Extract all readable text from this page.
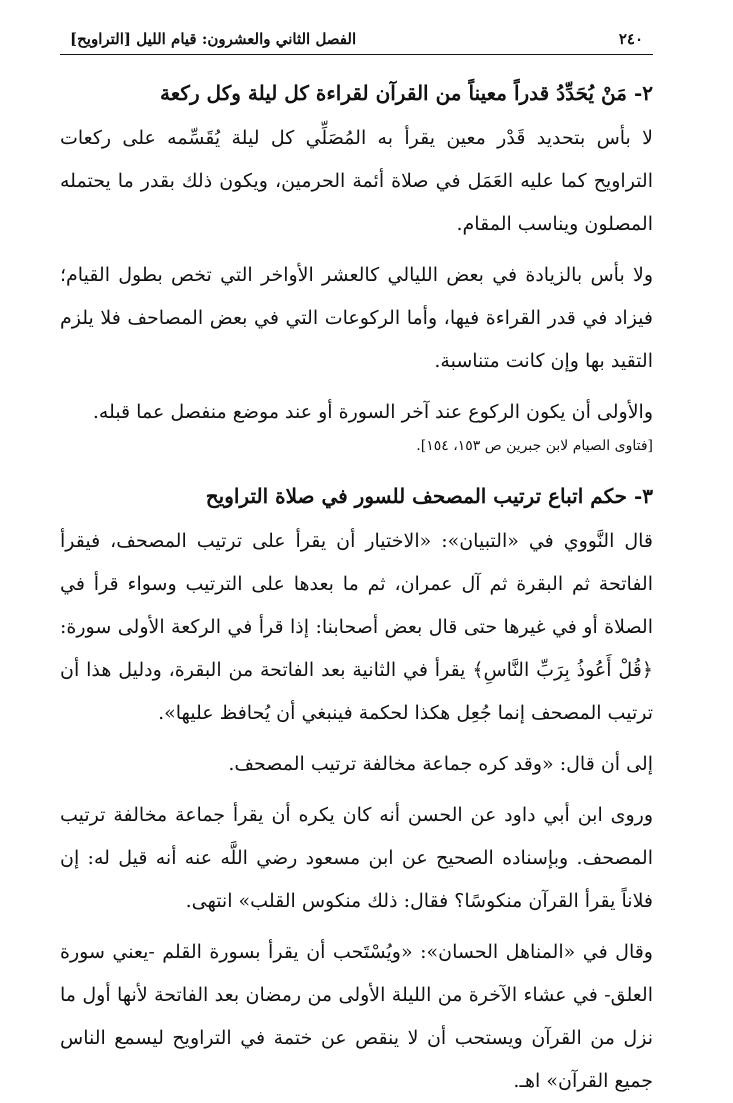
٢٤٠
الفصل الثاني والعشرون: قيام الليل [التراويح]
٢- مَنْ يُحَدِّدُ قدراً معيناً من القرآن لقراءة كل ليلة وكل ركعة

لا بأس بتحديد قَدْر معين يقرأ به المُصَلِّي كل ليلة يُقَسِّمه على ركعات التراويح كما عليه العَمَل في صلاة أئمة الحرمين، ويكون ذلك بقدر ما يحتمله المصلون ويناسب المقام.

ولا بأس بالزيادة في بعض الليالي كالعشر الأواخر التي تخص بطول القيام؛ فيزاد في قدر القراءة فيها، وأما الركوعات التي في بعض المصاحف فلا يلزم التقيد بها وإن كانت متناسبة.

والأولى أن يكون الركوع عند آخر السورة أو عند موضع منفصل عما قبله.

[فتاوى الصيام لابن جبرين ص ١٥٣، ١٥٤].
٣- حكم اتباع ترتيب المصحف للسور في صلاة التراويح

قال النَّووي في «التبيان»: «الاختيار أن يقرأ على ترتيب المصحف، فيقرأ الفاتحة ثم البقرة ثم آل عمران، ثم ما بعدها على الترتيب وسواء قرأ في الصلاة أو في غيرها حتى قال بعض أصحابنا: إذا قرأ في الركعة الأولى سورة: ﴿قُلْ أَعُوذُ بِرَبِّ النَّاسِ﴾ يقرأ في الثانية بعد الفاتحة من البقرة، ودليل هذا أن ترتيب المصحف إنما جُعِل هكذا لحكمة فينبغي أن يُحافظ عليها».

إلى أن قال: «وقد كره جماعة مخالفة ترتيب المصحف.

وروى ابن أبي داود عن الحسن أنه كان يكره أن يقرأ جماعة مخالفة ترتيب المصحف. وبإسناده الصحيح عن ابن مسعود رضي اللَّه عنه أنه قيل له: إن فلاناً يقرأ القرآن منكوسًا؟ فقال: ذلك منكوس القلب» انتهى.

وقال في «المناهل الحسان»: «ويُسْتَحب أن يقرأ بسورة القلم -يعني سورة العلق- في عشاء الآخرة من الليلة الأولى من رمضان بعد الفاتحة لأنها أول ما نزل من القرآن ويستحب أن لا ينقص عن ختمة في التراويح ليسمع الناس جميع القرآن» اهـ.
